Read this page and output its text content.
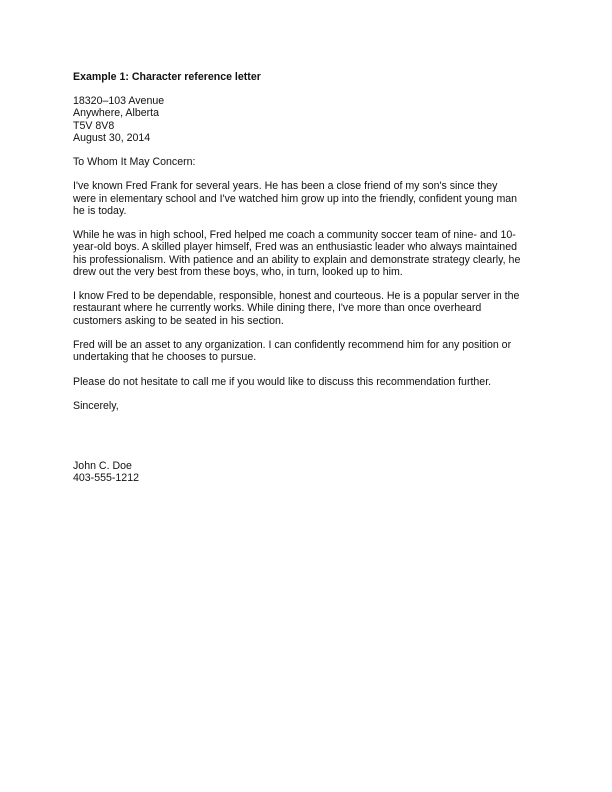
Example 1: Character reference letter
18320–103 Avenue
Anywhere, Alberta
T5V 8V8
August 30, 2014

To Whom It May Concern:

I've known Fred Frank for several years. He has been a close friend of my son's since they
were in elementary school and I've watched him grow up into the friendly, confident young man
he is today.

While he was in high school, Fred helped me coach a community soccer team of nine- and 10-
year-old boys. A skilled player himself, Fred was an enthusiastic leader who always maintained
his professionalism. With patience and an ability to explain and demonstrate strategy clearly, he
drew out the very best from these boys, who, in turn, looked up to him.

I know Fred to be dependable, responsible, honest and courteous. He is a popular server in the
restaurant where he currently works. While dining there, I've more than once overheard
customers asking to be seated in his section.

Fred will be an asset to any organization. I can confidently recommend him for any position or
undertaking that he chooses to pursue.

Please do not hesitate to call me if you would like to discuss this recommendation further.

Sincerely,

John C. Doe
403-555-1212
